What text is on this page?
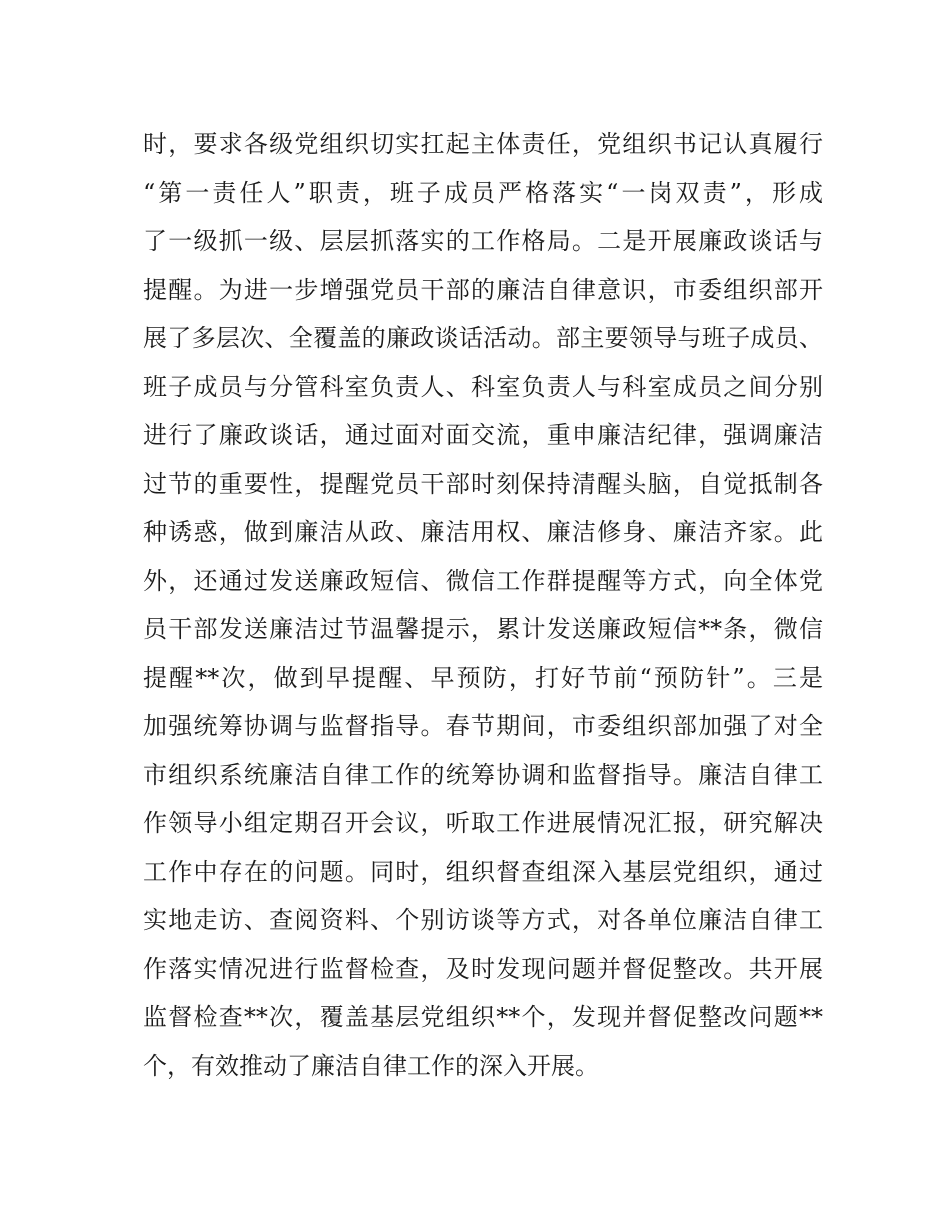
时，要求各级党组织切实扛起主体责任，党组织书记认真履行
“第一责任人”职责，班子成员严格落实“一岗双责”，形成
了一级抓一级、层层抓落实的工作格局。二是开展廉政谈话与
提醒。为进一步增强党员干部的廉洁自律意识，市委组织部开
展了多层次、全覆盖的廉政谈话活动。部主要领导与班子成员、
班子成员与分管科室负责人、科室负责人与科室成员之间分别
进行了廉政谈话，通过面对面交流，重申廉洁纪律，强调廉洁
过节的重要性，提醒党员干部时刻保持清醒头脑，自觉抵制各
种诱惑，做到廉洁从政、廉洁用权、廉洁修身、廉洁齐家。此
外，还通过发送廉政短信、微信工作群提醒等方式，向全体党
员干部发送廉洁过节温馨提示，累计发送廉政短信**条，微信
提醒**次，做到早提醒、早预防，打好节前“预防针”。三是
加强统筹协调与监督指导。春节期间，市委组织部加强了对全
市组织系统廉洁自律工作的统筹协调和监督指导。廉洁自律工
作领导小组定期召开会议，听取工作进展情况汇报，研究解决
工作中存在的问题。同时，组织督查组深入基层党组织，通过
实地走访、查阅资料、个别访谈等方式，对各单位廉洁自律工
作落实情况进行监督检查，及时发现问题并督促整改。共开展
监督检查**次，覆盖基层党组织**个，发现并督促整改问题**
个，有效推动了廉洁自律工作的深入开展。
